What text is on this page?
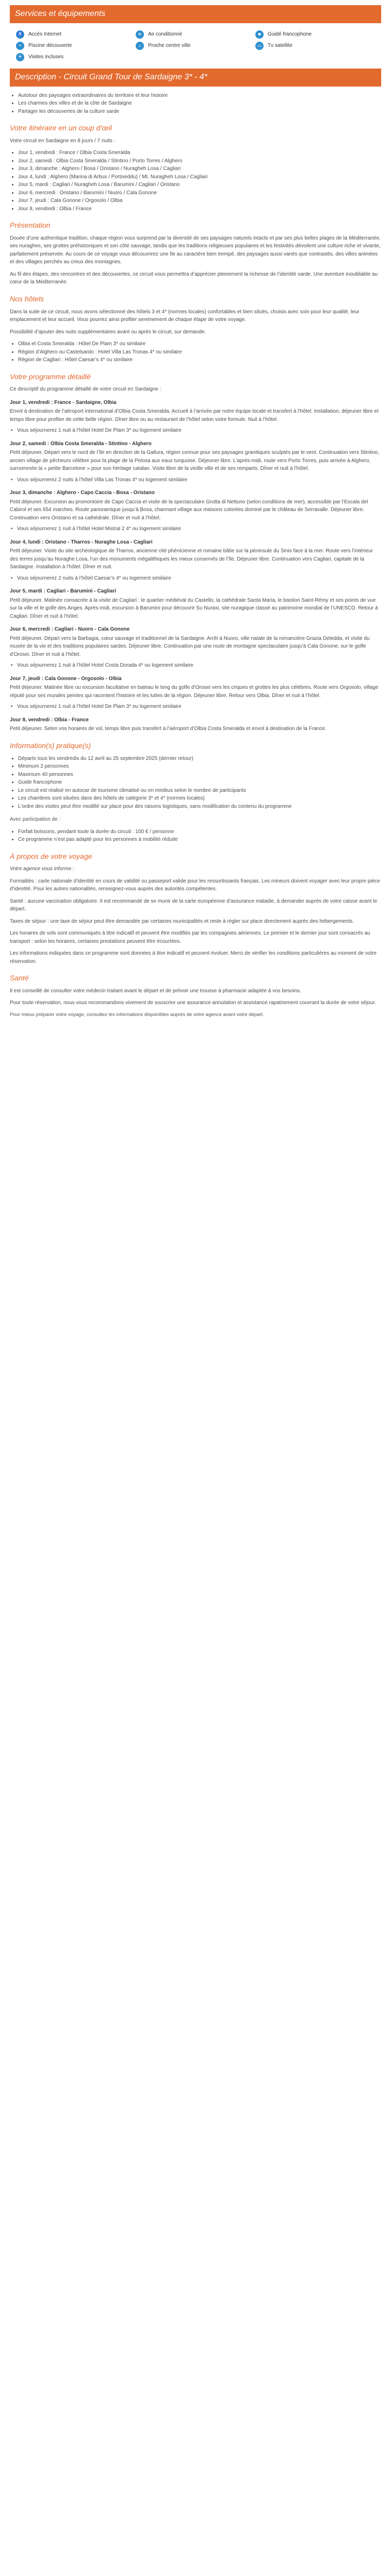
Services et équipements
♿ Accès Internet	≋	Air conditionné	☻	Guidé francophone
≈	Piscine découverte	☼	Proche centre ville	▭	Tv satellite
✈	Visites incluses
Description - Circuit Grand Tour de Sardaigne 3* - 4*
• Autotour des paysages extraordinaires du territoire et leur histoire
• Les charmes des villes et de la côte de Sardaigne
• Partager les découvertes de la culture sarde
Votre itinéraire en un coup d’œil

Votre circuit en Sardaigne en 8 jours / 7 nuits :

• Jour 1, vendredi : France / Olbia Costa Smeralda
• Jour 2, samedi : Olbia Costa Smeralda / Stintino / Porto Torres / Alghero
• Jour 3, dimanche : Alghero / Bosa / Oristano / Nuragheh Losa / Cagliari
• Jour 4, lundi : Alghero (Marina di Arbus / Portixeddu) / Mt. Nuragheh Losa / Cagliari
• Jour 5, mardi : Cagliari / Nuragheh Losa / Barumini / Cagliari / Oristano
• Jour 6, mercredi : Oristano / Barumini / Nuoro / Cala Gonone
• Jour 7, jeudi : Cala Gonone / Orgosolo / Olbia
• Jour 8, vendredi : Olbia / France
Présentation

Douée d’une authentique tradition, chaque région vous surprend par la diversité de ses paysages naturels intacts et par ses plus belles plages de la Méditerranée, ses nuraghes, ses grottes préhistoriques et son côté sauvage, tandis que les traditions religieuses populaires et les festivités dévoilent une culture riche et vivante, parfaitement préservée. Au cours de ce voyage vous découvrirez une île au caractère bien trempé, des paysages aussi variés que contrastés, des villes animées et des villages perchés au creux des montagnes.

Au fil des étapes, des rencontres et des découvertes, ce circuit vous permettra d’apprécier pleinement la richesse de l’identité sarde. Une aventure inoubliable au cœur de la Méditerranée.

Nos hôtels

Dans la suite de ce circuit, nous avons sélectionné des hôtels 3 et 4* (normes locales) confortables et bien situés, choisis avec soin pour leur qualité, leur emplacement et leur accueil. Vous pourrez ainsi profiter sereinement de chaque étape de votre voyage.

Possibilité d’ajouter des nuits supplémentaires avant ou après le circuit, sur demande.

• Olbia et Costa Smeralda : Hôtel De Plam 3* ou similaire
• Région d’Alghero ou Castelsardo : Hotel Villa Las Tronas 4* ou similaire
• Région de Cagliari : Hôtel Caesar’s 4* ou similaire
Votre programme détaillé

Ce descriptif du programme détaillé de votre circuit en Sardaigne :

Jour 1, vendredi : France - Sardaigne, Olbia

Envol à destination de l’aéroport international d’Olbia Costa Smeralda. Accueil à l’arrivée par notre équipe locale et transfert à l’hôtel. Installation, déjeuner libre et temps libre pour profiter de cette belle région. Dîner libre ou au restaurant de l’hôtel selon votre formule. Nuit à l’hôtel.

• Vous séjournerez 1 nuit à l’hôtel Hotel De Plam 3* ou logement similaire
Jour 2, samedi : Olbia Costa Smeralda - Stintino - Alghero

Petit déjeuner. Départ vers le nord de l’île en direction de la Gallura, région connue pour ses paysages granitiques sculptés par le vent. Continuation vers Stintino, ancien village de pêcheurs célèbre pour la plage de la Pelosa aux eaux turquoise. Déjeuner libre. L’après-midi, route vers Porto Torres, puis arrivée à Alghero, surnommée la « petite Barcelone » pour son héritage catalan. Visite libre de la vieille ville et de ses remparts. Dîner et nuit à l’hôtel.

• Vous séjournerez 2 nuits à l’hôtel Villa Las Tronas 4* ou logement similaire
Jour 3, dimanche : Alghero - Capo Caccia - Bosa - Oristano

Petit déjeuner. Excursion au promontoire de Capo Caccia et visite de la spectaculaire Grotta di Nettuno (selon conditions de mer), accessible par l’Escala del Cabirol et ses 654 marches. Route panoramique jusqu’à Bosa, charmant village aux maisons colorées dominé par le château de Serravalle. Déjeuner libre. Continuation vers Oristano et sa cathédrale. Dîner et nuit à l’hôtel.

• Vous séjournerez 1 nuit à l’hôtel Hotel Mistral 2 4* ou logement similaire
Jour 4, lundi : Oristano - Tharros - Nuraghe Losa - Cagliari

Petit déjeuner. Visite du site archéologique de Tharros, ancienne cité phénicienne et romaine bâtie sur la péninsule du Sinis face à la mer. Route vers l’intérieur des terres jusqu’au Nuraghe Losa, l’un des monuments mégalithiques les mieux conservés de l’île. Déjeuner libre. Continuation vers Cagliari, capitale de la Sardaigne. Installation à l’hôtel. Dîner et nuit.

• Vous séjournerez 2 nuits à l’hôtel Caesar’s 4* ou logement similaire
Jour 5, mardi : Cagliari - Barumini - Cagliari

Petit déjeuner. Matinée consacrée à la visite de Cagliari : le quartier médiéval du Castello, la cathédrale Santa Maria, le bastion Saint-Rémy et ses points de vue sur la ville et le golfe des Anges. Après-midi, excursion à Barumini pour découvrir Su Nuraxi, site nuragique classé au patrimoine mondial de l’UNESCO. Retour à Cagliari. Dîner et nuit à l’hôtel.

Jour 6, mercredi : Cagliari - Nuoro - Cala Gonone

Petit déjeuner. Départ vers la Barbagia, cœur sauvage et traditionnel de la Sardaigne. Arrêt à Nuoro, ville natale de la romancière Grazia Deledda, et visite du musée de la vie et des traditions populaires sardes. Déjeuner libre. Continuation par une route de montagne spectaculaire jusqu’à Cala Gonone, sur le golfe d’Orosei. Dîner et nuit à l’hôtel.

• Vous séjournerez 1 nuit à l’hôtel Hotel Costa Dorada 4* ou logement similaire
Jour 7, jeudi : Cala Gonone - Orgosolo - Olbia

Petit déjeuner. Matinée libre ou excursion facultative en bateau le long du golfe d’Orosei vers les criques et grottes les plus célèbres. Route vers Orgosolo, village réputé pour ses murales peintes qui racontent l’histoire et les luttes de la région. Déjeuner libre. Retour vers Olbia. Dîner et nuit à l’hôtel.

• Vous séjournerez 1 nuit à l’hôtel Hotel De Plam 3* ou logement similaire
Jour 8, vendredi : Olbia - France

Petit déjeuner. Selon vos horaires de vol, temps libre puis transfert à l’aéroport d’Olbia Costa Smeralda et envol à destination de la France.

Information(s) pratique(s)
• Départs tous les vendredis du 12 avril au 25 septembre 2025 (dernier retour)
• Minimum 2 personnes
• Maximum 40 personnes
• Guide francophone
• Le circuit est réalisé en autocar de tourisme climatisé ou en minibus selon le nombre de participants
• Les chambres sont situées dans des hôtels de catégorie 3* et 4* (normes locales)
• L’ordre des visites peut être modifié sur place pour des raisons logistiques, sans modification du contenu du programme

Avec participation de :

• Forfait boissons, pendant toute la durée du circuit : 100 € / personne
• Ce programme n’est pas adapté pour les personnes à mobilité réduite
À propos de votre voyage

Votre agence vous informe :

Formalités : carte nationale d’identité en cours de validité ou passeport valide pour les ressortissants français. Les mineurs doivent voyager avec leur propre pièce d’identité. Pour les autres nationalités, renseignez-vous auprès des autorités compétentes.

Santé : aucune vaccination obligatoire. Il est recommandé de se munir de la carte européenne d’assurance maladie, à demander auprès de votre caisse avant le départ.

Taxes de séjour : une taxe de séjour peut être demandée par certaines municipalités et reste à régler sur place directement auprès des hébergements.

Les horaires de vols sont communiqués à titre indicatif et peuvent être modifiés par les compagnies aériennes. Le premier et le dernier jour sont consacrés au transport : selon les horaires, certaines prestations peuvent être écourtées.

Les informations indiquées dans ce programme sont données à titre indicatif et peuvent évoluer. Merci de vérifier les conditions particulières au moment de votre réservation.

Santé

Il est conseillé de consulter votre médecin traitant avant le départ et de prévoir une trousse à pharmacie adaptée à vos besoins.

Pour toute réservation, nous vous recommandons vivement de souscrire une assurance annulation et assistance rapatriement couvrant la durée de votre séjour.

Pour mieux préparer votre voyage, consultez les informations disponibles auprès de votre agence avant votre départ.
